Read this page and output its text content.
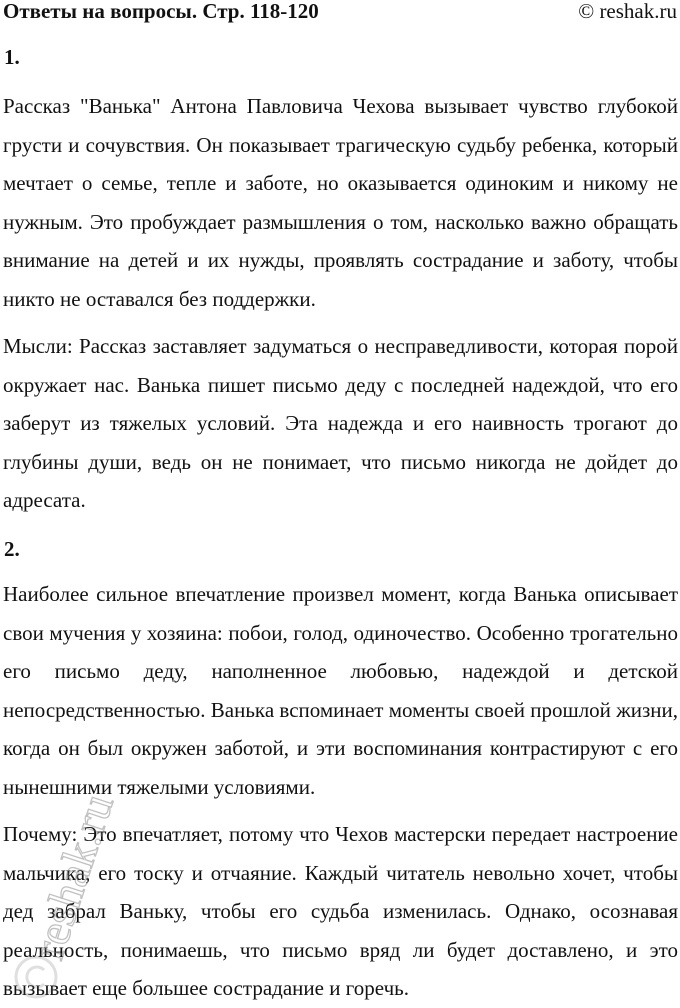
Ответы на вопросы. Стр. 118-120	© reshak.ru
1.

Рассказ "Ванька" Антона Павловича Чехова вызывает чувство глубокой грусти и сочувствия. Он показывает трагическую судьбу ребенка, который мечтает о семье, тепле и заботе, но оказывается одиноким и никому не нужным. Это пробуждает размышления о том, насколько важно обращать внимание на детей и их нужды, проявлять сострадание и заботу, чтобы никто не оставался без поддержки.

Мысли: Рассказ заставляет задуматься о несправедливости, которая порой окружает нас. Ванька пишет письмо деду с последней надеждой, что его заберут из тяжелых условий. Эта надежда и его наивность трогают до глубины души, ведь он не понимает, что письмо никогда не дойдет до адресата.

2.

Наиболее сильное впечатление произвел момент, когда Ванька описывает свои мучения у хозяина: побои, голод, одиночество. Особенно трогательно его письмо деду, наполненное любовью, надеждой и детской непосредственностью. Ванька вспоминает моменты своей прошлой жизни, когда он был окружен заботой, и эти воспоминания контрастируют с его нынешними тяжелыми условиями.

Почему: Это впечатляет, потому что Чехов мастерски передает настроение мальчика, его тоску и отчаяние. Каждый читатель невольно хочет, чтобы дед забрал Ваньку, чтобы его судьба изменилась. Однако, осознавая реальность, понимаешь, что письмо вряд ли будет доставлено, и это вызывает еще большее сострадание и горечь.

reshak.ru
